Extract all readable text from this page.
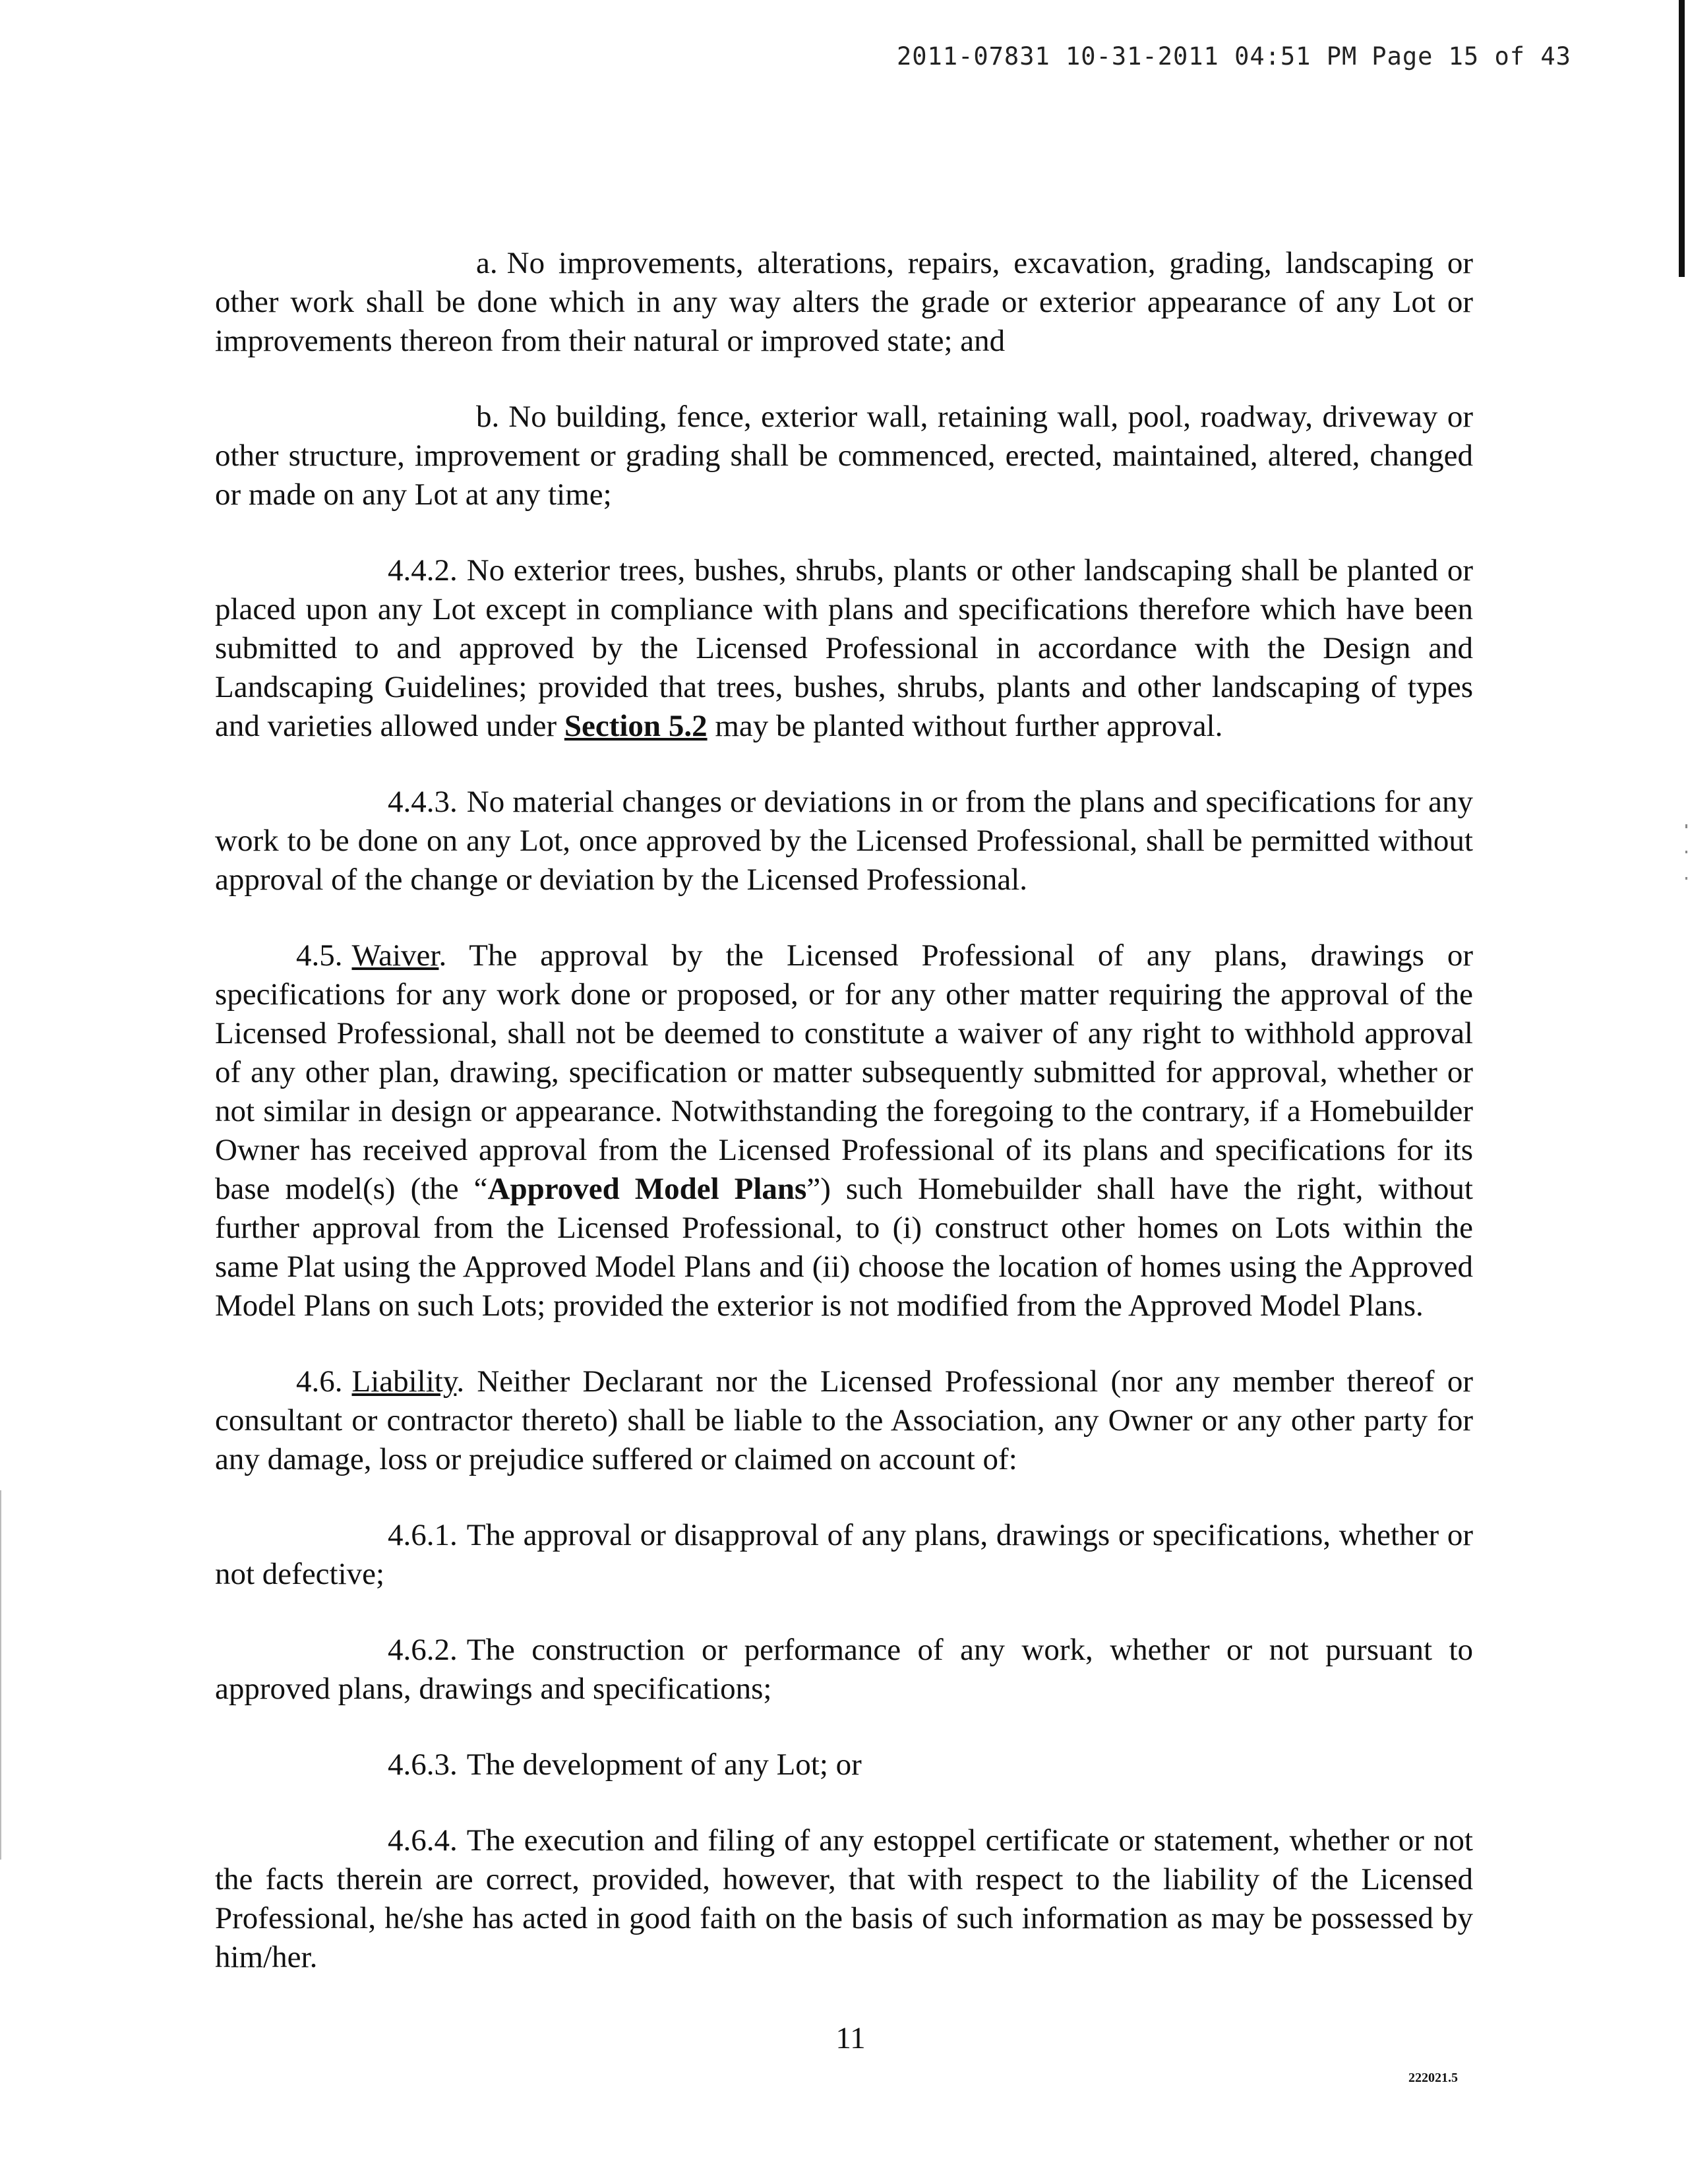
2011-07831 10-31-2011 04:51 PM Page 15 of 43

a. No improvements, alterations, repairs, excavation, grading, landscaping or other work shall be done which in any way alters the grade or exterior appearance of any Lot or improvements thereon from their natural or improved state; and

b. No building, fence, exterior wall, retaining wall, pool, roadway, driveway or other structure, improvement or grading shall be commenced, erected, maintained, altered, changed or made on any Lot at any time;

4.4.2. No exterior trees, bushes, shrubs, plants or other landscaping shall be planted or placed upon any Lot except in compliance with plans and specifications therefore which have been submitted to and approved by the Licensed Professional in accordance with the Design and Landscaping Guidelines; provided that trees, bushes, shrubs, plants and other landscaping of types and varieties allowed under Section 5.2 may be planted without further approval.

4.4.3. No material changes or deviations in or from the plans and specifications for any work to be done on any Lot, once approved by the Licensed Professional, shall be permitted without approval of the change or deviation by the Licensed Professional.

4.5. Waiver. The approval by the Licensed Professional of any plans, drawings or specifications for any work done or proposed, or for any other matter requiring the approval of the Licensed Professional, shall not be deemed to constitute a waiver of any right to withhold approval of any other plan, drawing, specification or matter subsequently submitted for approval, whether or not similar in design or appearance. Notwithstanding the foregoing to the contrary, if a Homebuilder Owner has received approval from the Licensed Professional of its plans and specifications for its base model(s) (the “Approved Model Plans”) such Homebuilder shall have the right, without further approval from the Licensed Professional, to (i) construct other homes on Lots within the same Plat using the Approved Model Plans and (ii) choose the location of homes using the Approved Model Plans on such Lots; provided the exterior is not modified from the Approved Model Plans.

4.6. Liability. Neither Declarant nor the Licensed Professional (nor any member thereof or consultant or contractor thereto) shall be liable to the Association, any Owner or any other party for any damage, loss or prejudice suffered or claimed on account of:

4.6.1. The approval or disapproval of any plans, drawings or specifications, whether or not defective;

4.6.2. The construction or performance of any work, whether or not pursuant to approved plans, drawings and specifications;

4.6.3. The development of any Lot; or

4.6.4. The execution and filing of any estoppel certificate or statement, whether or not the facts therein are correct, provided, however, that with respect to the liability of the Licensed Professional, he/she has acted in good faith on the basis of such information as may be possessed by him/her.

11
222021.5
